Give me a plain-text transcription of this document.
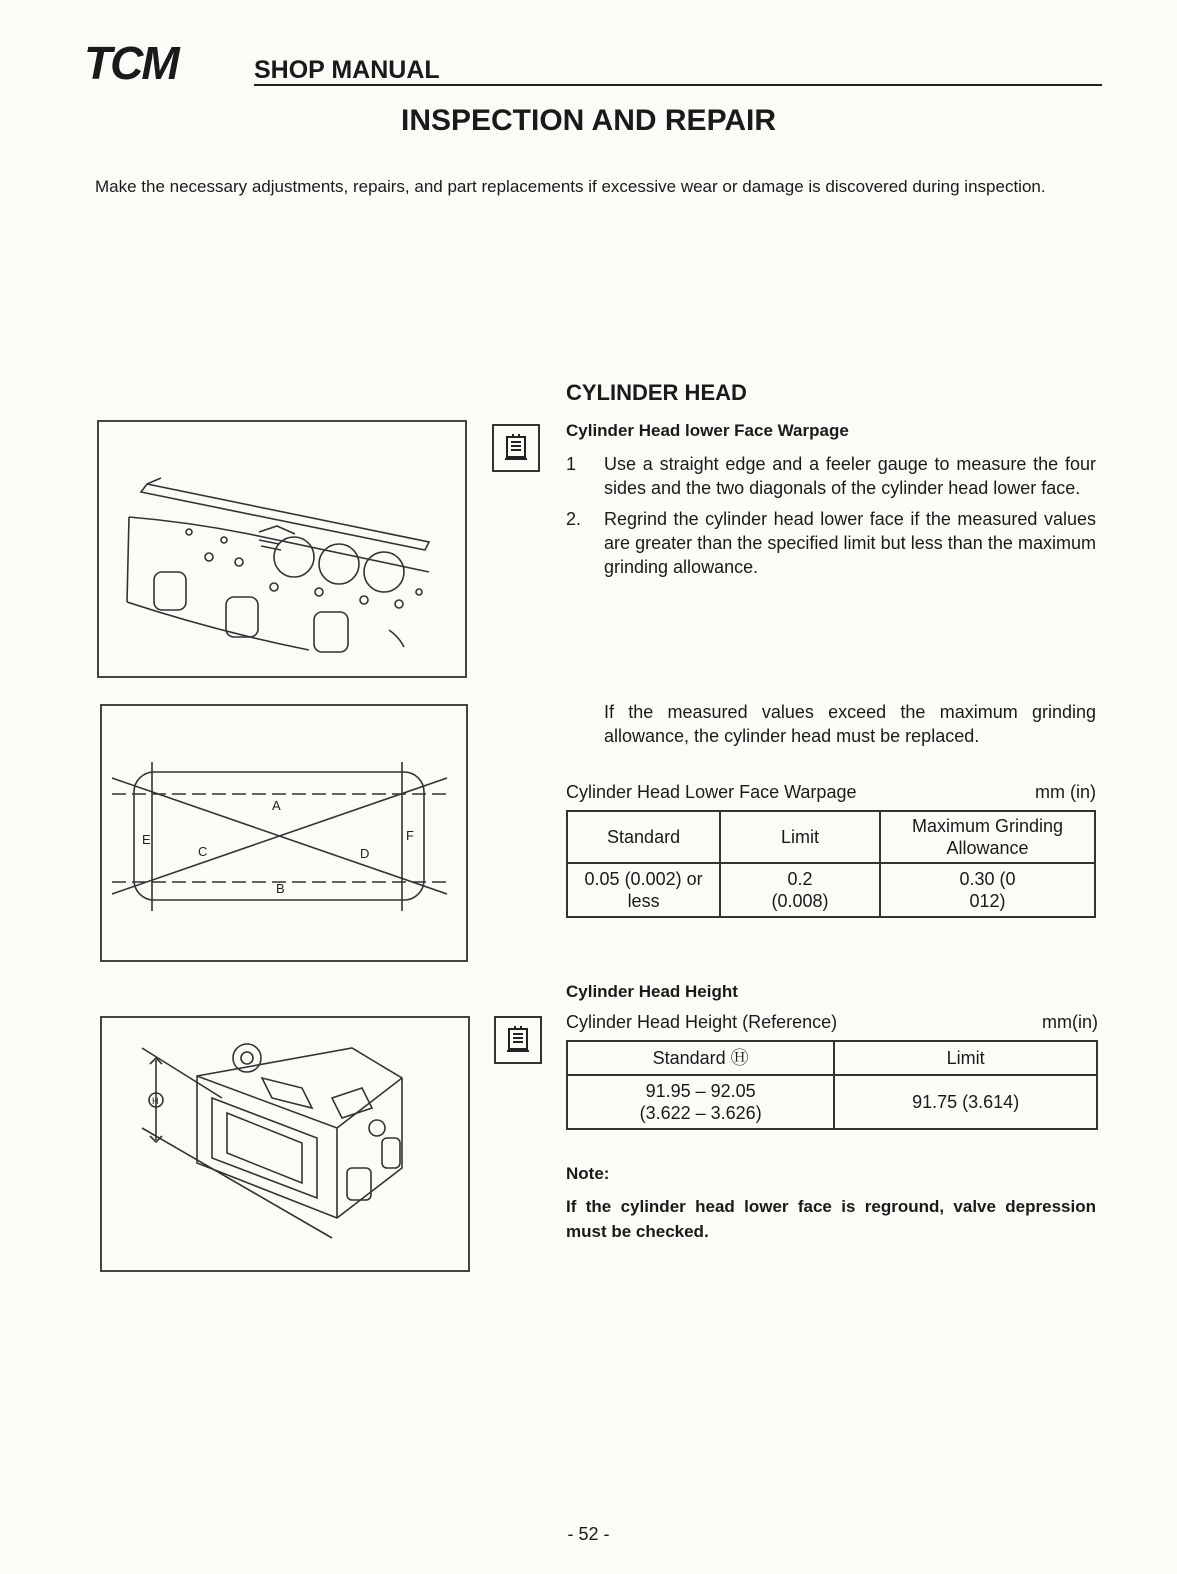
TCM	SHOP MANUAL
INSPECTION AND REPAIR
Make the necessary adjustments, repairs, and part replacements if excessive wear or damage is discovered during inspection.
A
B
C	D
E	F
H
CYLINDER HEAD
Cylinder Head lower Face Warpage
1	Use a straight edge and a feeler gauge to measure the four sides and the two diagonals of the cylinder head lower face.
2.	Regrind the cylinder head lower face if the measured values are greater than the specified limit but less than the maximum grinding allowance.
If the measured values exceed the maximum grinding allowance, the cylinder head must be replaced.
Cylinder Head Lower Face Warpage	mm (in)
Standard	Limit	Maximum Grinding Allowance
0.05 (0.002) or less	0.2 (0.008)	0.30 (0 012)
Cylinder Head Height
Cylinder Head Height (Reference)	mm(in)
Standard Ⓗ	Limit
91.95 – 92.05 (3.622 – 3.626)	91.75 (3.614)
Note:
If the cylinder head lower face is reground, valve depression must be checked.
- 52 -
